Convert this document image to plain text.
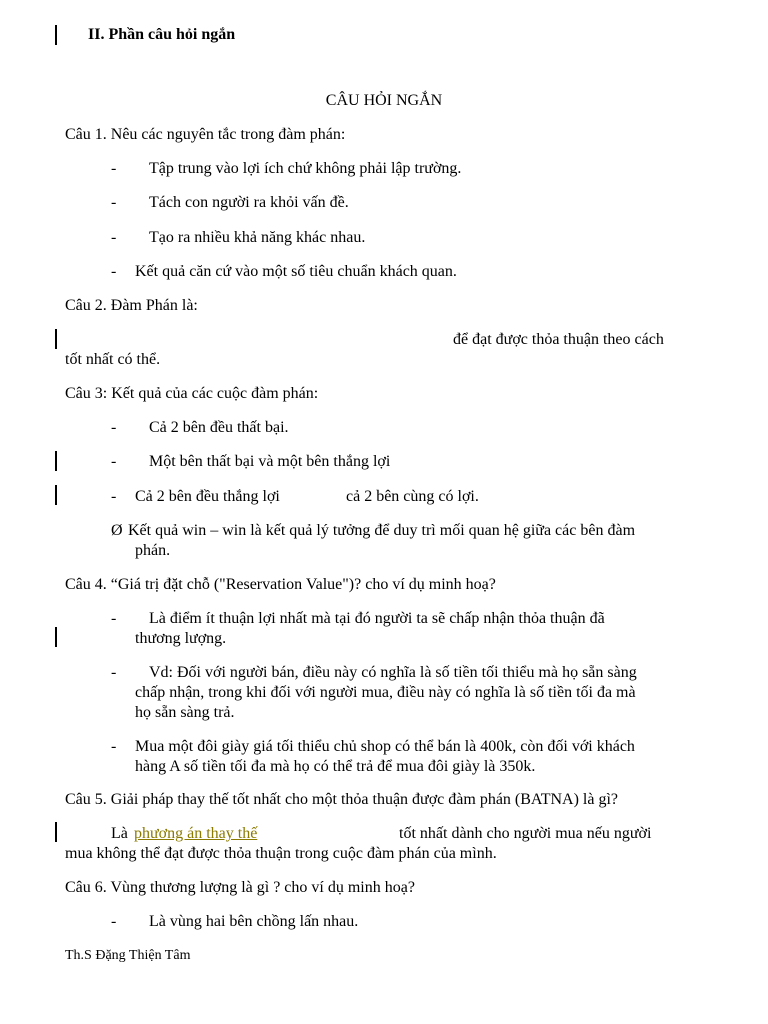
II. Phần câu hỏi ngắn
CÂU HỎI NGẮN
Câu 1. Nêu các nguyên tắc trong đàm phán:
- Tập trung vào lợi ích chứ không phải lập trường.
- Tách con người ra khỏi vấn đề.
- Tạo ra nhiều khả năng khác nhau.
- Kết quả căn cứ vào một số tiêu chuẩn khách quan.
Câu 2. Đàm Phán là:
để đạt được thỏa thuận theo cách
tốt nhất có thể.
Câu 3: Kết quả của các cuộc đàm phán:
- Cả 2 bên đều thất bại.
- Một bên thất bại và một bên thắng lợi
- Cả 2 bên đều thắng lợi	cả 2 bên cùng có lợi.
Ø Kết quả win – win là kết quả lý tưởng để duy trì mối quan hệ giữa các bên đàm
phán.
Câu 4. “Giá trị đặt chỗ ("Reservation Value")? cho ví dụ minh hoạ?
- Là điểm ít thuận lợi nhất mà tại đó người ta sẽ chấp nhận thỏa thuận đã
thương lượng.
- Vd: Đối với người bán, điều này có nghĩa là số tiền tối thiểu mà họ sẵn sàng
chấp nhận, trong khi đối với người mua, điều này có nghĩa là số tiền tối đa mà
họ sẵn sàng trả.
- Mua một đôi giày giá tối thiểu chủ shop có thể bán là 400k, còn đối với khách
hàng A số tiền tối đa mà họ có thể trả để mua đôi giày là 350k.
Câu 5. Giải pháp thay thế tốt nhất cho một thỏa thuận được đàm phán (BATNA) là gì?
Là phương án thay thế	tốt nhất dành cho người mua nếu người
mua không thể đạt được thỏa thuận trong cuộc đàm phán của mình.
Câu 6. Vùng thương lượng là gì ? cho ví dụ minh hoạ?
- Là vùng hai bên chồng lấn nhau.
Th.S Đặng Thiện Tâm
